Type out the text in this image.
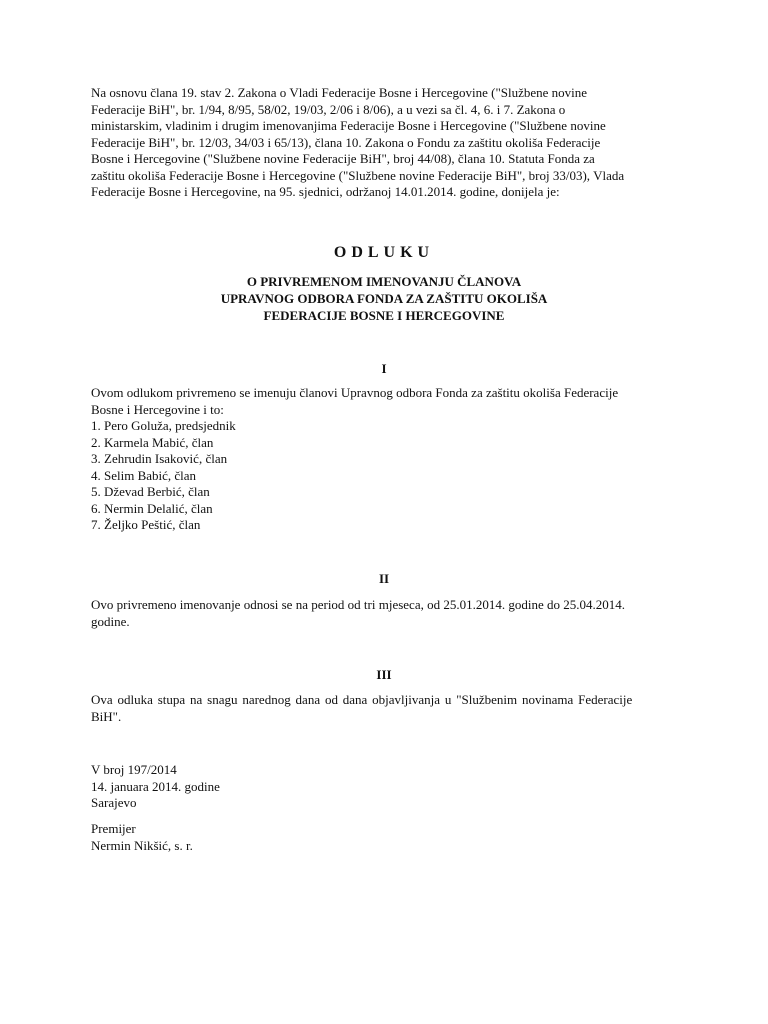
Na osnovu člana 19. stav 2. Zakona o Vladi Federacije Bosne i Hercegovine ("Službene novine
Federacije BiH", br. 1/94, 8/95, 58/02, 19/03, 2/06 i 8/06), a u vezi sa čl. 4, 6. i 7. Zakona o
ministarskim, vladinim i drugim imenovanjima Federacije Bosne i Hercegovine ("Službene novine
Federacije BiH", br. 12/03, 34/03 i 65/13), člana 10. Zakona o Fondu za zaštitu okoliša Federacije
Bosne i Hercegovine ("Službene novine Federacije BiH", broj 44/08), člana 10. Statuta Fonda za
zaštitu okoliša Federacije Bosne i Hercegovine ("Službene novine Federacije BiH", broj 33/03), Vlada
Federacije Bosne i Hercegovine, na 95. sjednici, održanoj 14.01.2014. godine, donijela je:
ODLUKU
O PRIVREMENOM IMENOVANJU ČLANOVA
UPRAVNOG ODBORA FONDA ZA ZAŠTITU OKOLIŠA
FEDERACIJE BOSNE I HERCEGOVINE
I
Ovom odlukom privremeno se imenuju članovi Upravnog odbora Fonda za zaštitu okoliša Federacije
Bosne i Hercegovine i to:
1. Pero Goluža, predsjednik
2. Karmela Mabić, član
3. Zehrudin Isaković, član
4. Selim Babić, član
5. Dževad Berbić, član
6. Nermin Delalić, član
7. Željko Peštić, član
II
Ovo privremeno imenovanje odnosi se na period od tri mjeseca, od 25.01.2014. godine do 25.04.2014.
godine.
III
Ova odluka stupa na snagu narednog dana od dana objavljivanja u "Službenim novinama Federacije
BiH".
V broj 197/2014
14. januara 2014. godine
Sarajevo
Premijer
Nermin Nikšić, s. r.
